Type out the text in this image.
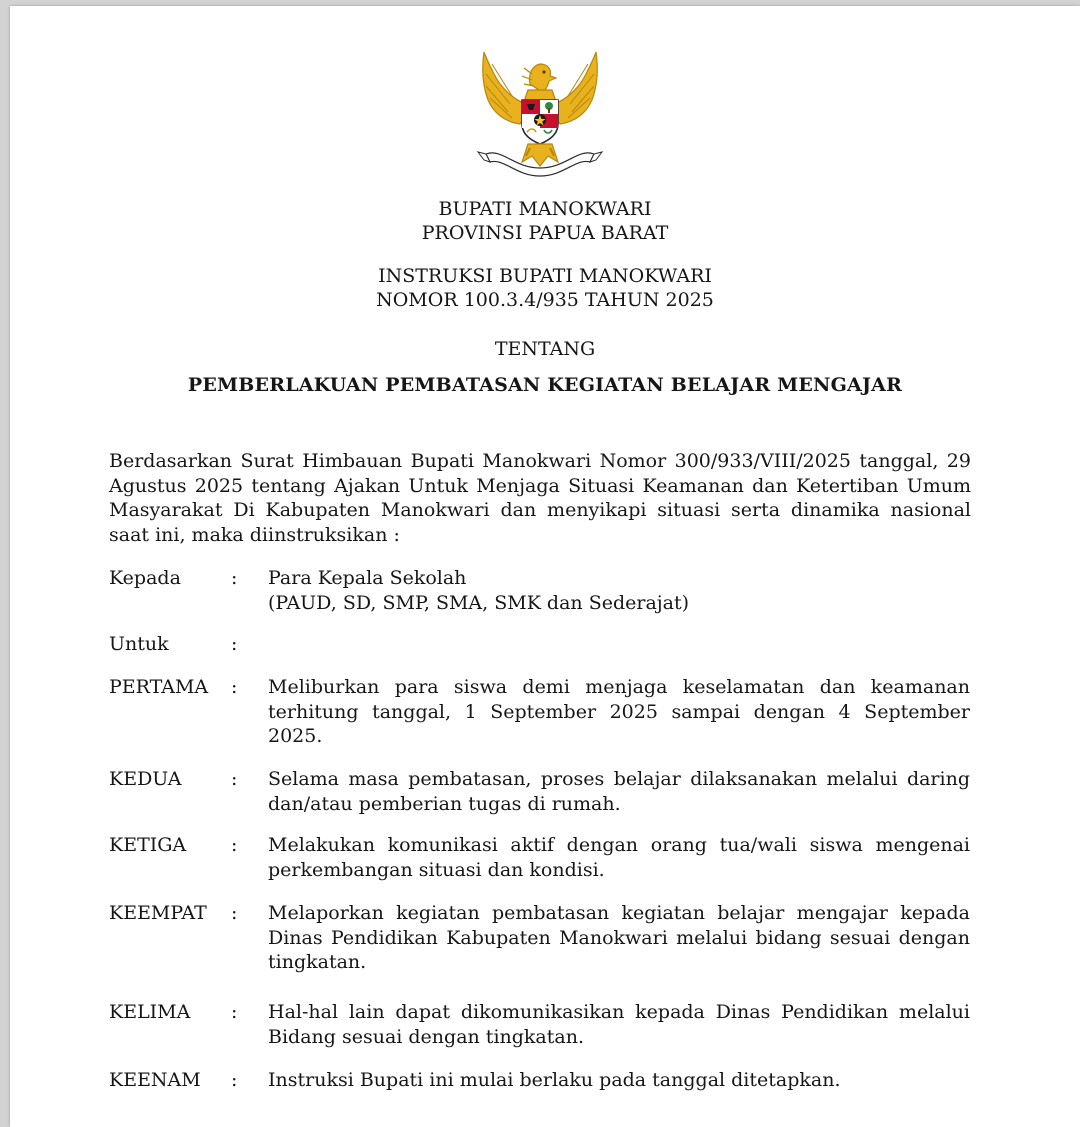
BUPATI MANOKWARI
PROVINSI PAPUA BARAT
INSTRUKSI BUPATI MANOKWARI
NOMOR 100.3.4/935 TAHUN 2025
TENTANG
PEMBERLAKUAN PEMBATASAN KEGIATAN BELAJAR MENGAJAR
Berdasarkan Surat Himbauan Bupati Manokwari Nomor 300/933/VIII/2025 tanggal, 29 Agustus 2025 tentang Ajakan Untuk Menjaga Situasi Keamanan dan Ketertiban Umum Masyarakat Di Kabupaten Manokwari dan menyikapi situasi serta dinamika nasional saat ini, maka diinstruksikan :
Kepada	: Para Kepala Sekolah
(PAUD, SD, SMP, SMA, SMK dan Sederajat)
Untuk	:
PERTAMA	: Meliburkan para siswa demi menjaga keselamatan dan keamanan terhitung tanggal, 1 September 2025 sampai dengan 4 September 2025.
KEDUA	: Selama masa pembatasan, proses belajar dilaksanakan melalui daring dan/atau pemberian tugas di rumah.
KETIGA	: Melakukan komunikasi aktif dengan orang tua/wali siswa mengenai perkembangan situasi dan kondisi.
KEEMPAT	: Melaporkan kegiatan pembatasan kegiatan belajar mengajar kepada Dinas Pendidikan Kabupaten Manokwari melalui bidang sesuai dengan tingkatan.
KELIMA	: Hal-hal lain dapat dikomunikasikan kepada Dinas Pendidikan melalui Bidang sesuai dengan tingkatan.
KEENAM	: Instruksi Bupati ini mulai berlaku pada tanggal ditetapkan.
